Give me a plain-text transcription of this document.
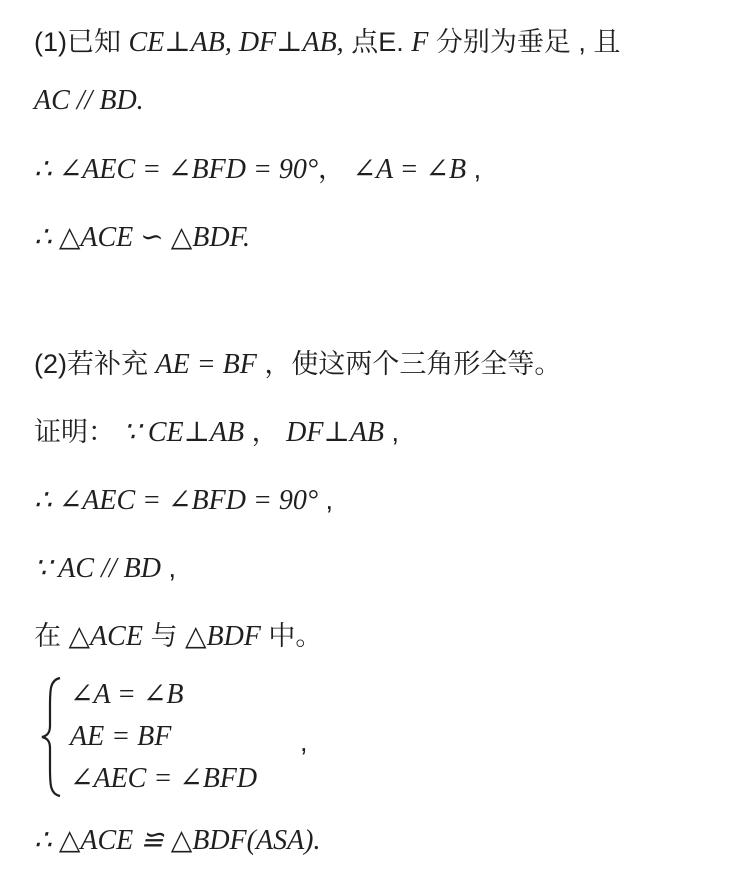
(1)已知 CE⊥AB, DF⊥AB, 点E. F 分别为垂足 , 且
AC // BD.
∴ ∠AEC = ∠BFD = 90°， ∠A = ∠B ,
∴ △ACE ∽ △BDF.
(2)若补充 AE = BF ，使这两个三角形全等。
证明： ∵ CE⊥AB ， DF⊥AB ,
∴ ∠AEC = ∠BFD = 90° ,
∵ AC // BD ,
在 △ACE 与 △BDF 中。
∠A = ∠B
AE = BF
∠AEC = ∠BFD
,
∴ △ACE ≌ △BDF(ASA).
